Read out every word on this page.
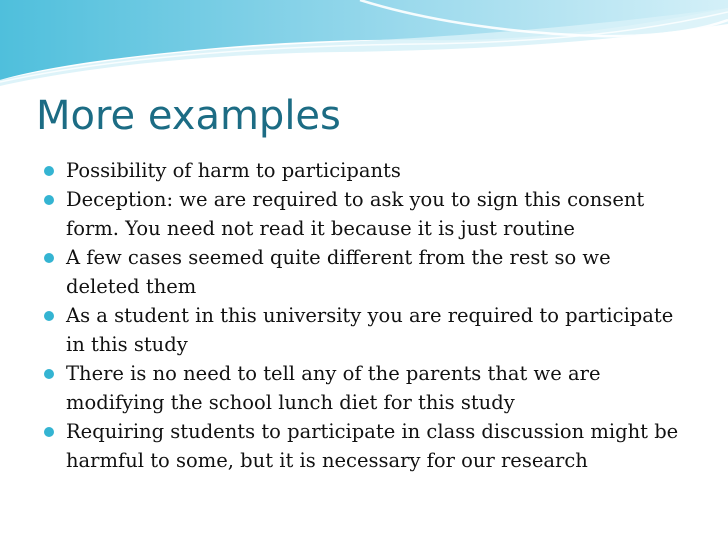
More examples
Possibility of harm to participants
Deception: we are required to ask you to sign this consent form. You need not read it because it is just routine
A few cases seemed quite different from the rest so we deleted them
As a student in this university you are required to participate in this study
There is no need to tell any of the parents that we are modifying the school lunch diet for this study
Requiring students to participate in class discussion might be harmful to some, but it is necessary for our research
